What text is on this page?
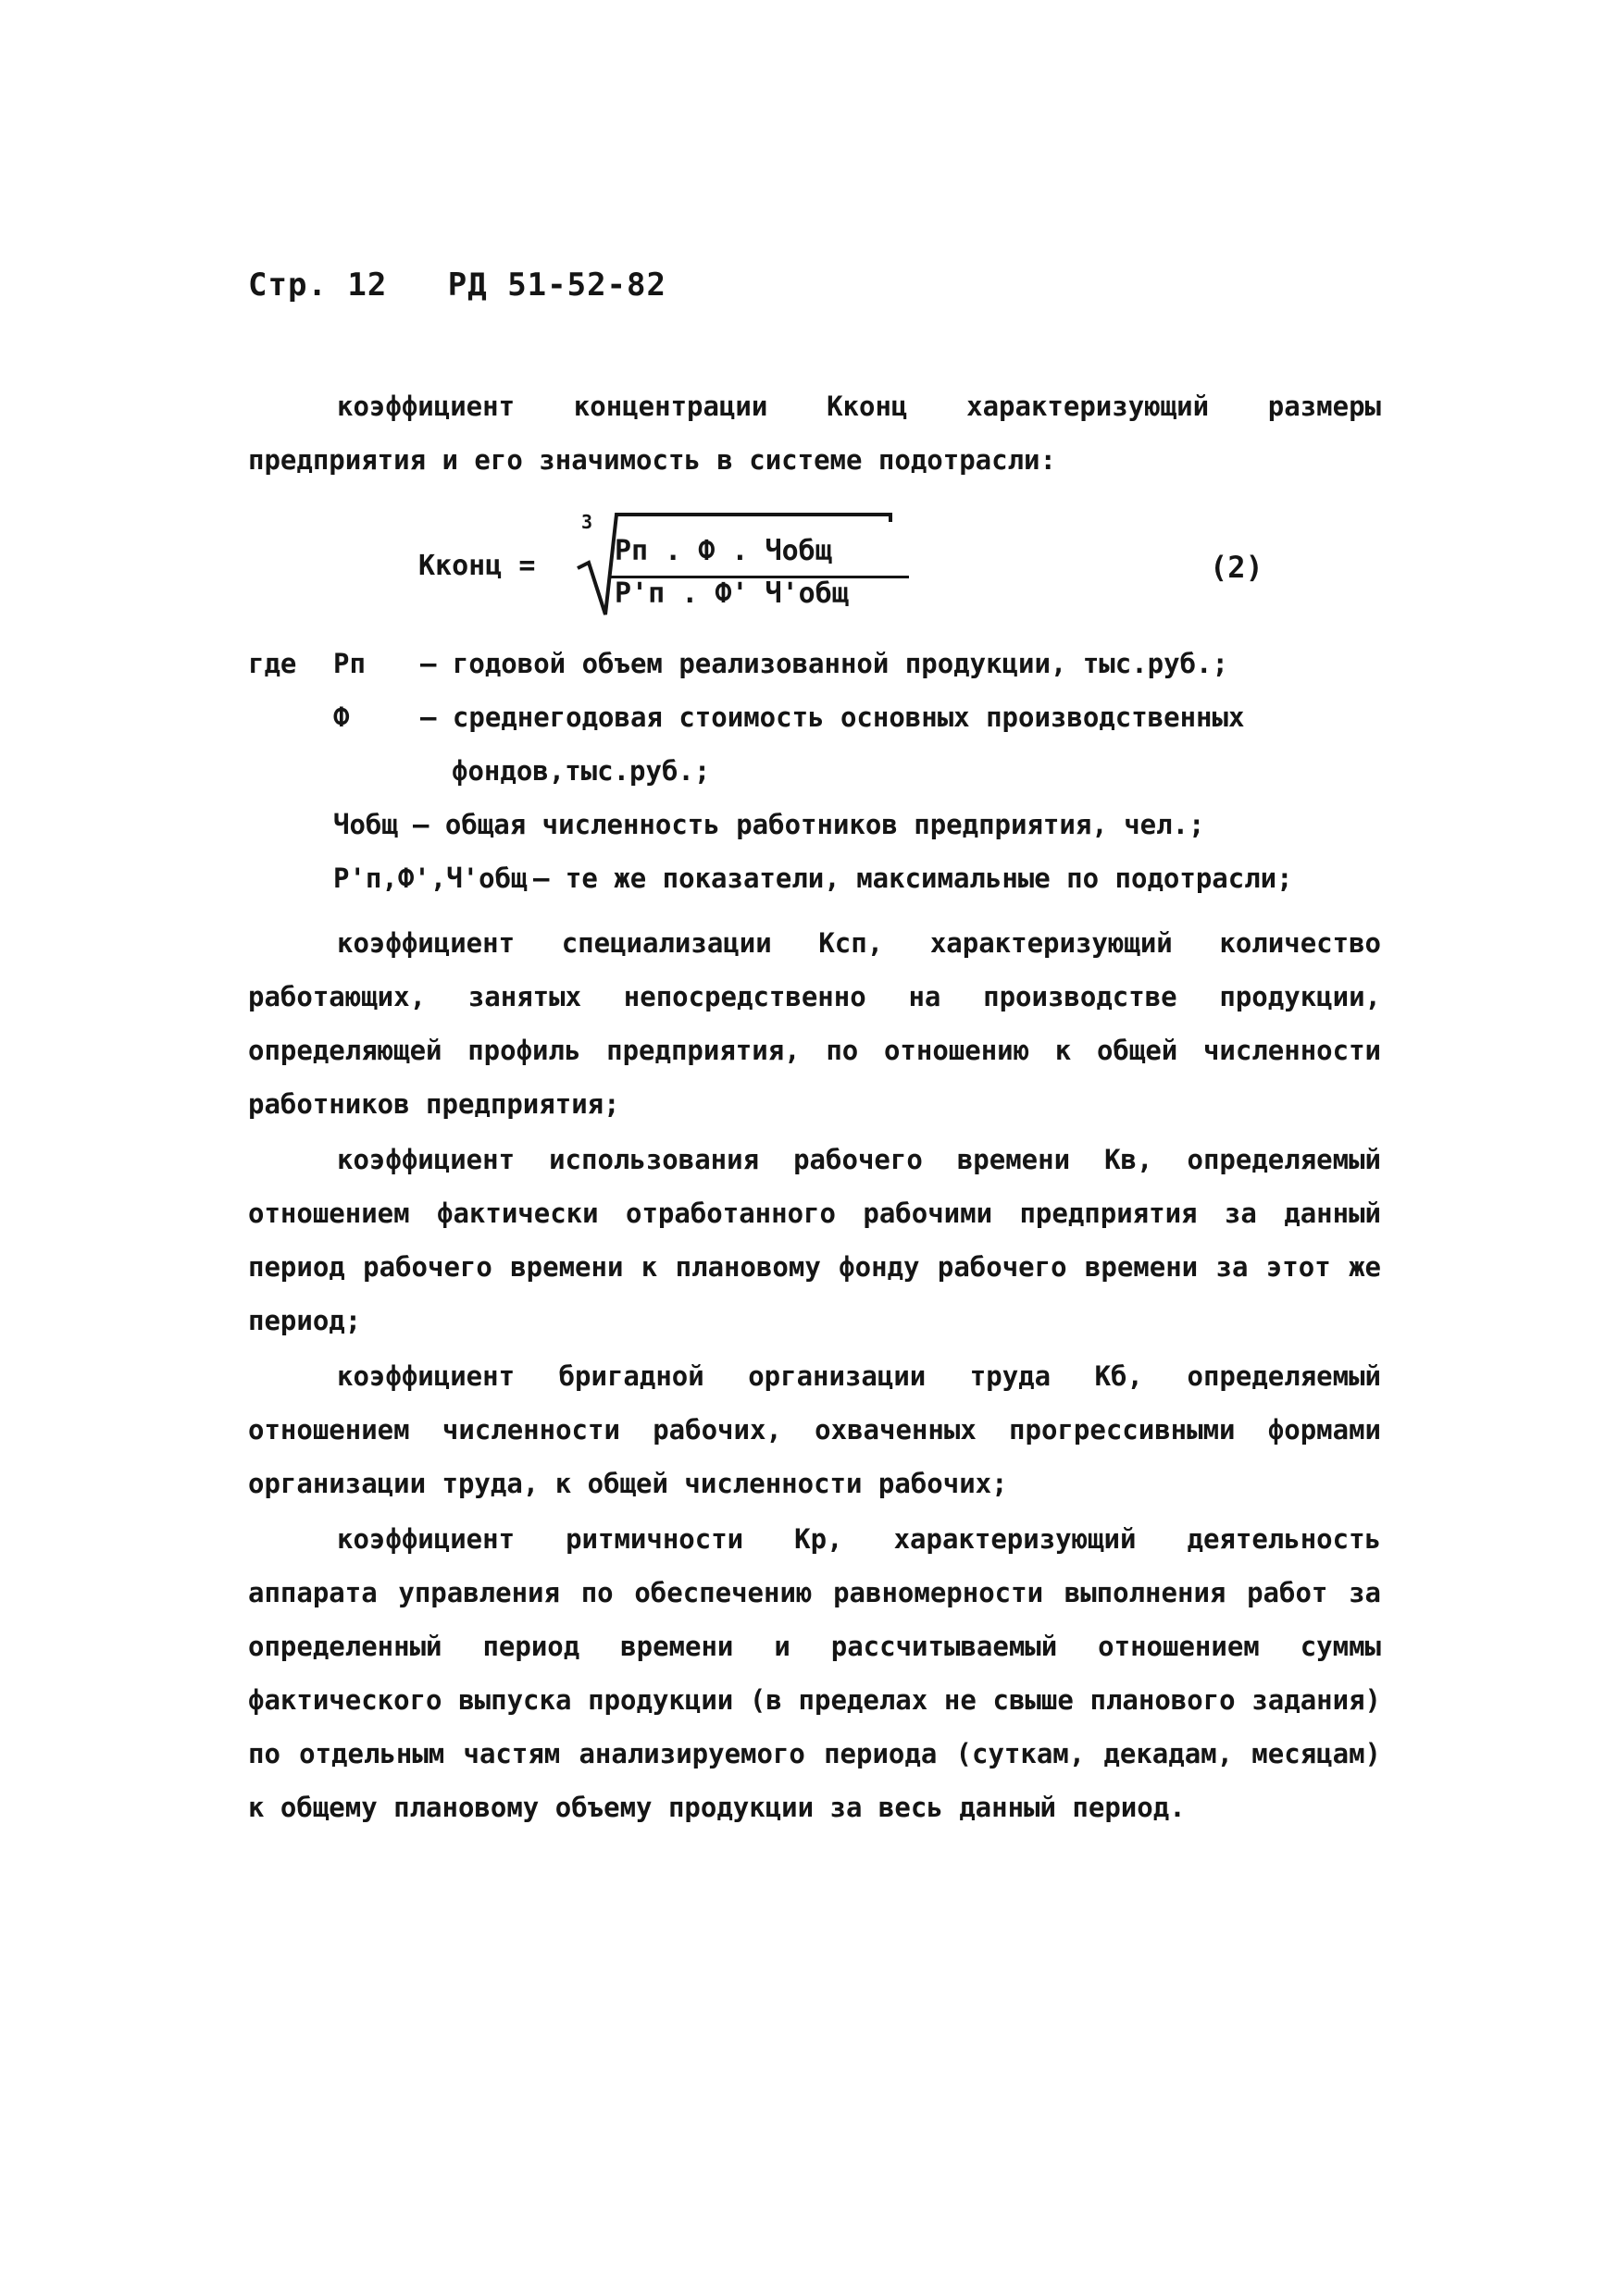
Стр. 12 РД 51-52-82

коэффициент концентрации Кконц характеризующий размеры предприятия и его значимость в системе подотрасли:

Кконц =
3
Рп . Ф . Чобщ
Р'п . Ф' Ч'общ
(2)
где Рп – годовой объем реализованной продукции, тыс.руб.;
Ф	– среднегодовая стоимость основных производственных
фондов,тыс.руб.;
Чобщ – общая численность работников предприятия, чел.;
Р'п,Ф',Ч'общ – те же показатели, максимальные по подотрасли;

коэффициент специализации Ксп, характеризующий количество работающих, занятых непосредственно на производстве продукции, определяющей профиль предприятия, по отношению к общей численности работников предприятия;

коэффициент использования рабочего времени Кв, определяемый отношением фактически отработанного рабочими предприятия за данный период рабочего времени к плановому фонду рабочего времени за этот же период;

коэффициент бригадной организации труда Кб, определяемый отношением численности рабочих, охваченных прогрессивными формами организации труда, к общей численности рабочих;

коэффициент ритмичности Кр, характеризующий деятельность аппарата управления по обеспечению равномерности выполнения работ за определенный период времени и рассчитываемый отношением суммы фактического выпуска продукции (в пределах не свыше планового задания) по отдельным частям анализируемого периода (суткам, декадам, месяцам) к общему плановому объему продукции за весь данный период.
